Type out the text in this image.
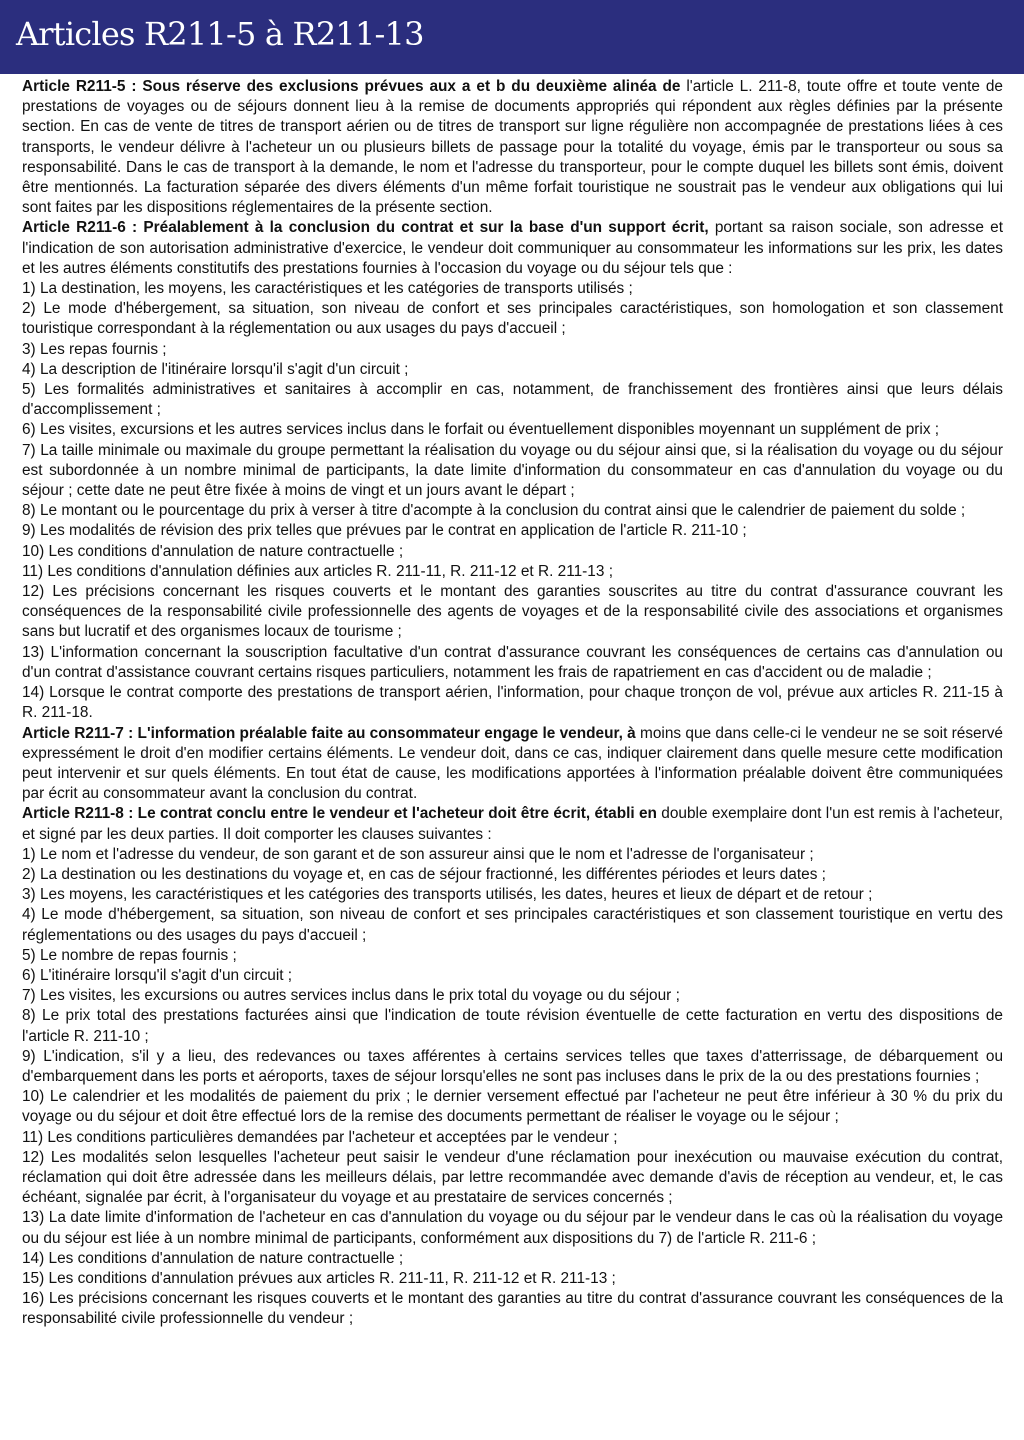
Articles R211-5 à R211-13

Article R211-5 : Sous réserve des exclusions prévues aux a et b du deuxième alinéa de l'article L. 211-8, toute offre et toute vente de prestations de voyages ou de séjours donnent lieu à la remise de documents appropriés qui répondent aux règles définies par la présente section. En cas de vente de titres de transport aérien ou de titres de transport sur ligne régulière non accompagnée de prestations liées à ces transports, le vendeur délivre à l'acheteur un ou plusieurs billets de passage pour la totalité du voyage, émis par le transporteur ou sous sa responsabilité. Dans le cas de transport à la demande, le nom et l'adresse du transporteur, pour le compte duquel les billets sont émis, doivent être mentionnés. La facturation séparée des divers éléments d'un même forfait touristique ne soustrait pas le vendeur aux obligations qui lui sont faites par les dispositions réglementaires de la présente section.

Article R211-6 : Préalablement à la conclusion du contrat et sur la base d'un support écrit, portant sa raison sociale, son adresse et l'indication de son autorisation administrative d'exercice, le vendeur doit communiquer au consommateur les informations sur les prix, les dates et les autres éléments constitutifs des prestations fournies à l'occasion du voyage ou du séjour tels que :

1) La destination, les moyens, les caractéristiques et les catégories de transports utilisés ;

2) Le mode d'hébergement, sa situation, son niveau de confort et ses principales caractéristiques, son homologation et son classement touristique correspondant à la réglementation ou aux usages du pays d'accueil ;

3) Les repas fournis ;

4) La description de l'itinéraire lorsqu'il s'agit d'un circuit ;

5) Les formalités administratives et sanitaires à accomplir en cas, notamment, de franchissement des frontières ainsi que leurs délais d'accomplissement ;

6) Les visites, excursions et les autres services inclus dans le forfait ou éventuellement disponibles moyennant un supplément de prix ;

7) La taille minimale ou maximale du groupe permettant la réalisation du voyage ou du séjour ainsi que, si la réalisation du voyage ou du séjour est subordonnée à un nombre minimal de participants, la date limite d'information du consommateur en cas d'annulation du voyage ou du séjour ; cette date ne peut être fixée à moins de vingt et un jours avant le départ ;

8) Le montant ou le pourcentage du prix à verser à titre d'acompte à la conclusion du contrat ainsi que le calendrier de paiement du solde ;

9) Les modalités de révision des prix telles que prévues par le contrat en application de l'article R. 211-10 ;

10) Les conditions d'annulation de nature contractuelle ;

11) Les conditions d'annulation définies aux articles R. 211-11, R. 211-12 et R. 211-13 ;

12) Les précisions concernant les risques couverts et le montant des garanties souscrites au titre du contrat d'assurance couvrant les conséquences de la responsabilité civile professionnelle des agents de voyages et de la responsabilité civile des associations et organismes sans but lucratif et des organismes locaux de tourisme ;

13) L'information concernant la souscription facultative d'un contrat d'assurance couvrant les conséquences de certains cas d'annulation ou d'un contrat d'assistance couvrant certains risques particuliers, notamment les frais de rapatriement en cas d'accident ou de maladie ;

14) Lorsque le contrat comporte des prestations de transport aérien, l'information, pour chaque tronçon de vol, prévue aux articles R. 211-15 à R. 211-18.

Article R211-7 : L'information préalable faite au consommateur engage le vendeur, à moins que dans celle-ci le vendeur ne se soit réservé expressément le droit d'en modifier certains éléments. Le vendeur doit, dans ce cas, indiquer clairement dans quelle mesure cette modification peut intervenir et sur quels éléments. En tout état de cause, les modifications apportées à l'information préalable doivent être communiquées par écrit au consommateur avant la conclusion du contrat.

Article R211-8 : Le contrat conclu entre le vendeur et l'acheteur doit être écrit, établi en double exemplaire dont l'un est remis à l'acheteur, et signé par les deux parties. Il doit comporter les clauses suivantes :

1) Le nom et l'adresse du vendeur, de son garant et de son assureur ainsi que le nom et l'adresse de l'organisateur ;

2) La destination ou les destinations du voyage et, en cas de séjour fractionné, les différentes périodes et leurs dates ;

3) Les moyens, les caractéristiques et les catégories des transports utilisés, les dates, heures et lieux de départ et de retour ;

4) Le mode d'hébergement, sa situation, son niveau de confort et ses principales caractéristiques et son classement touristique en vertu des réglementations ou des usages du pays d'accueil ;

5) Le nombre de repas fournis ;

6) L'itinéraire lorsqu'il s'agit d'un circuit ;

7) Les visites, les excursions ou autres services inclus dans le prix total du voyage ou du séjour ;

8) Le prix total des prestations facturées ainsi que l'indication de toute révision éventuelle de cette facturation en vertu des dispositions de l'article R. 211-10 ;

9) L'indication, s'il y a lieu, des redevances ou taxes afférentes à certains services telles que taxes d'atterrissage, de débarquement ou d'embarquement dans les ports et aéroports, taxes de séjour lorsqu'elles ne sont pas incluses dans le prix de la ou des prestations fournies ;

10) Le calendrier et les modalités de paiement du prix ; le dernier versement effectué par l'acheteur ne peut être inférieur à 30 % du prix du voyage ou du séjour et doit être effectué lors de la remise des documents permettant de réaliser le voyage ou le séjour ;

11) Les conditions particulières demandées par l'acheteur et acceptées par le vendeur ;

12) Les modalités selon lesquelles l'acheteur peut saisir le vendeur d'une réclamation pour inexécution ou mauvaise exécution du contrat, réclamation qui doit être adressée dans les meilleurs délais, par lettre recommandée avec demande d'avis de réception au vendeur, et, le cas échéant, signalée par écrit, à l'organisateur du voyage et au prestataire de services concernés ;

13) La date limite d'information de l'acheteur en cas d'annulation du voyage ou du séjour par le vendeur dans le cas où la réalisation du voyage ou du séjour est liée à un nombre minimal de participants, conformément aux dispositions du 7) de l'article R. 211-6 ;

14) Les conditions d'annulation de nature contractuelle ;

15) Les conditions d'annulation prévues aux articles R. 211-11, R. 211-12 et R. 211-13 ;

16) Les précisions concernant les risques couverts et le montant des garanties au titre du contrat d'assurance couvrant les conséquences de la responsabilité civile professionnelle du vendeur ;
